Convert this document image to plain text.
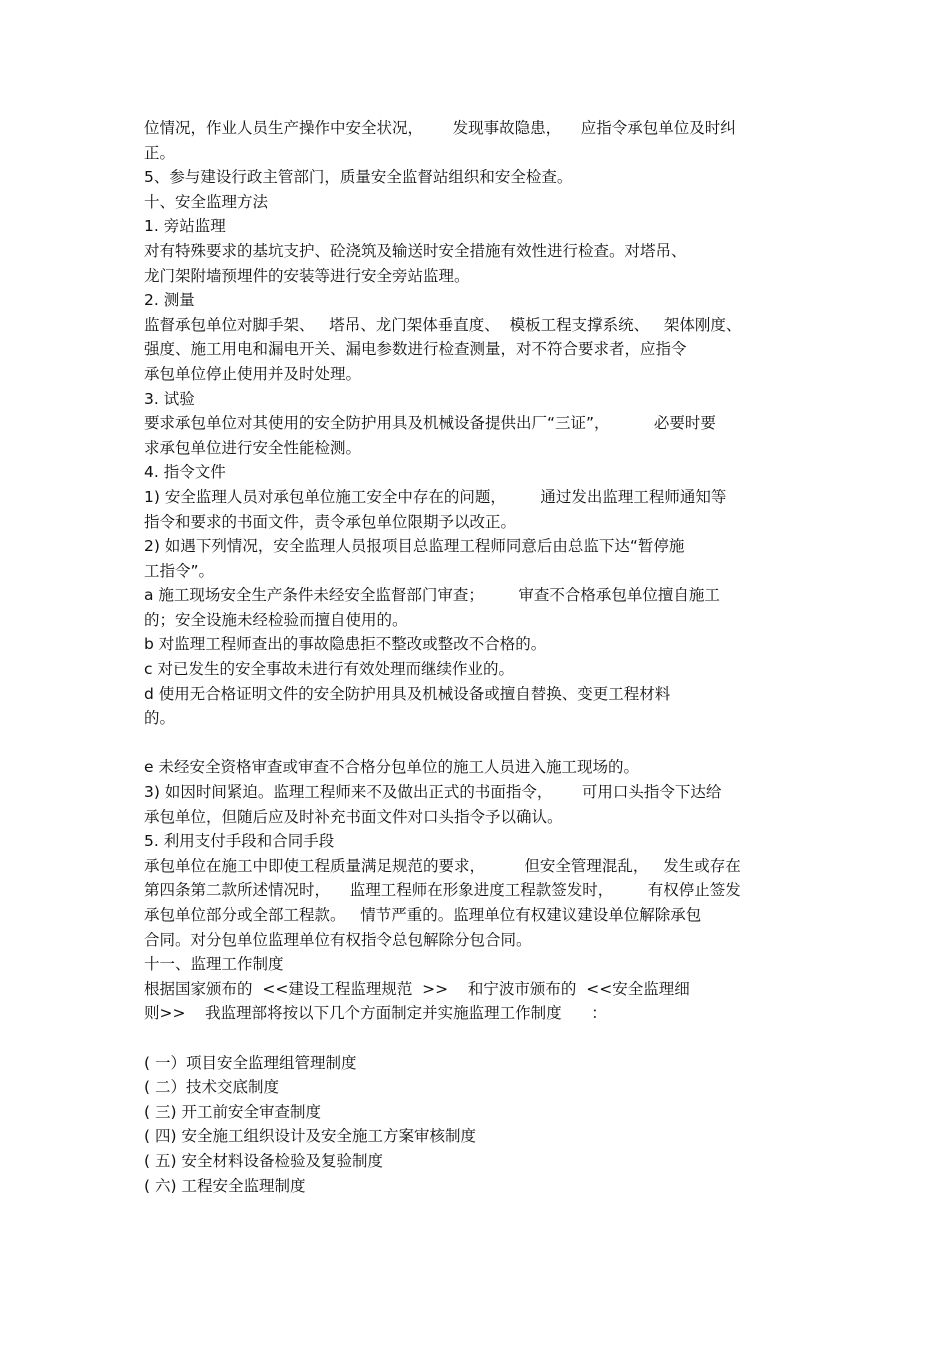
位情况，作业人员生产操作中安全状况，      发现事故隐患，    应指令承包单位及时纠
正。
5、参与建设行政主管部门，质量安全监督站组织和安全检查。
十、安全监理方法
1. 旁站监理
对有特殊要求的基坑支护、砼浇筑及输送时安全措施有效性进行检查。对塔吊、
龙门架附墙预埋件的安装等进行安全旁站监理。
2. 测量
监督承包单位对脚手架、   塔吊、龙门架体垂直度、  模板工程支撑系统、   架体刚度、
强度、施工用电和漏电开关、漏电参数进行检查测量，对不符合要求者，应指令
承包单位停止使用并及时处理。
3. 试验
要求承包单位对其使用的安全防护用具及机械设备提供出厂“三证”，         必要时要
求承包单位进行安全性能检测。
4. 指令文件
1) 安全监理人员对承包单位施工安全中存在的问题，       通过发出监理工程师通知等
指令和要求的书面文件，责令承包单位限期予以改正。
2) 如遇下列情况，安全监理人员报项目总监理工程师同意后由总监下达“暂停施
工指令”。
a 施工现场安全生产条件未经安全监督部门审查；       审查不合格承包单位擅自施工
的；安全设施未经检验而擅自使用的。
b 对监理工程师查出的事故隐患拒不整改或整改不合格的。
c 对已发生的安全事故未进行有效处理而继续作业的。
d 使用无合格证明文件的安全防护用具及机械设备或擅自替换、变更工程材料
的。
e 未经安全资格审查或审查不合格分包单位的施工人员进入施工现场的。
3) 如因时间紧迫。监理工程师来不及做出正式的书面指令，      可用口头指令下达给
承包单位，但随后应及时补充书面文件对口头指令予以确认。
5. 利用支付手段和合同手段
承包单位在施工中即使工程质量满足规范的要求，        但安全管理混乱，   发生或存在
第四条第二款所述情况时，    监理工程师在形象进度工程款签发时，       有权停止签发
承包单位部分或全部工程款。   情节严重的。监理单位有权建议建设单位解除承包
合同。对分包单位监理单位有权指令总包解除分包合同。
十一、监理工作制度
根据国家颁布的  <<建设工程监理规范  >>    和宁波市颁布的  <<安全监理细
则>>    我监理部将按以下几个方面制定并实施监理工作制度      ：
( 一）项目安全监理组管理制度
( 二）技术交底制度
( 三) 开工前安全审查制度
( 四) 安全施工组织设计及安全施工方案审核制度
( 五) 安全材料设备检验及复验制度
( 六) 工程安全监理制度
